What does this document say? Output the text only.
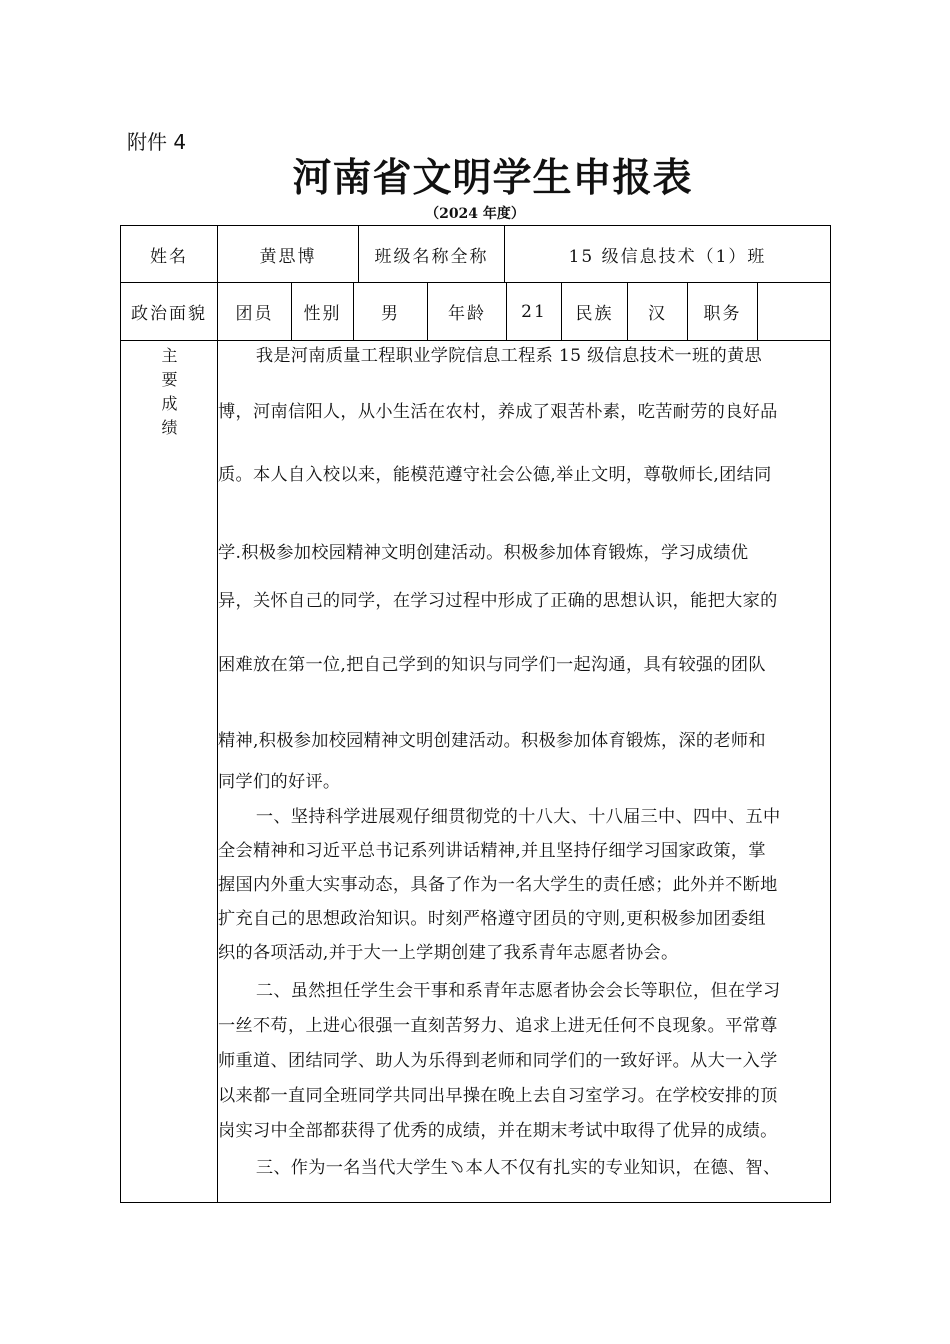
附件 4
河南省文明学生申报表
（2024 年度）
姓名	黄思博	班级名称全称	15 级信息技术（1）班
政治面貌	团员	性别	男	年龄	21	民族	汉	职务
主
要
成
绩

我是河南质量工程职业学院信息工程系 15 级信息技术一班的黄思

博，河南信阳人，从小生活在农村，养成了艰苦朴素，吃苦耐劳的良好品

质。本人自入校以来，能模范遵守社会公德,举止文明，尊敬师长,团结同

学.积极参加校园精神文明创建活动。积极参加体育锻炼，学习成绩优

异，关怀自己的同学，在学习过程中形成了正确的思想认识，能把大家的

困难放在第一位,把自己学到的知识与同学们一起沟通，具有较强的团队

精神,积极参加校园精神文明创建活动。积极参加体育锻炼，深的老师和

同学们的好评。

一、坚持科学进展观仔细贯彻党的十八大、十八届三中、四中、五中

全会精神和习近平总书记系列讲话精神,并且坚持仔细学习国家政策，掌

握国内外重大实事动态，具备了作为一名大学生的责任感；此外并不断地

扩充自己的思想政治知识。时刻严格遵守团员的守则,更积极参加团委组

织的各项活动,并于大一上学期创建了我系青年志愿者协会。

二、虽然担任学生会干事和系青年志愿者协会会长等职位，但在学习

一丝不苟，上进心很强一直刻苦努力、追求上进无任何不良现象。平常尊

师重道、团结同学、助人为乐得到老师和同学们的一致好评。从大一入学

以来都一直同全班同学共同出早操在晚上去自习室学习。在学校安排的顶

岗实习中全部都获得了优秀的成绩，并在期末考试中取得了优异的成绩。

三、作为一名当代大学生﹆本人不仅有扎实的专业知识，在德、智、
